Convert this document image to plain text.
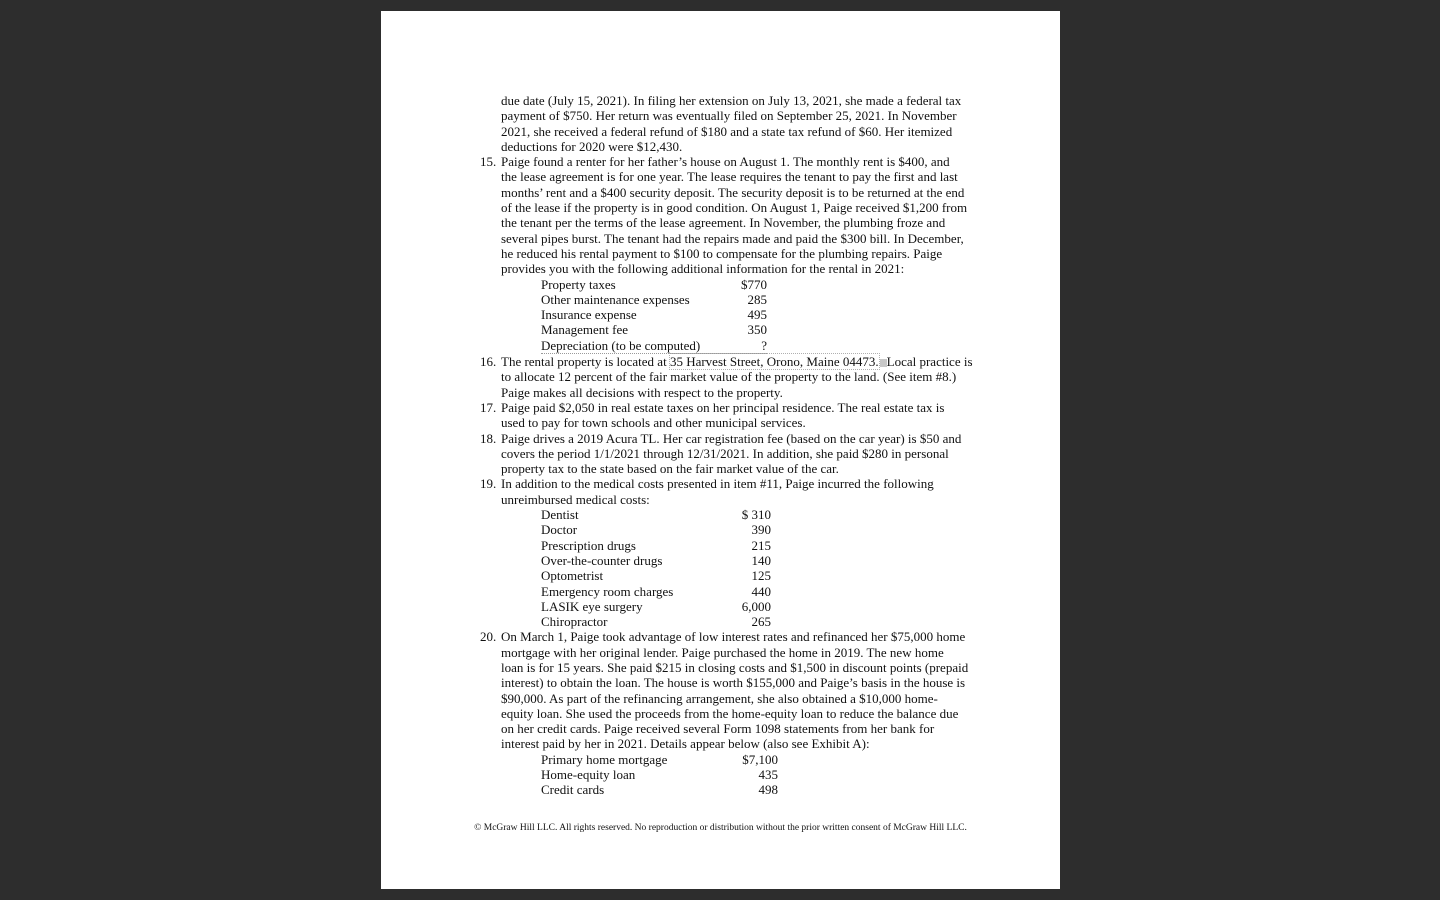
due date (July 15, 2021). In filing her extension on July 13, 2021, she made a federal tax
payment of $750. Her return was eventually filed on September 25, 2021. In November
2021, she received a federal refund of $180 and a state tax refund of $60. Her itemized
deductions for 2020 were $12,430.
15. Paige found a renter for her father’s house on August 1. The monthly rent is $400, and
the lease agreement is for one year. The lease requires the tenant to pay the first and last
months’ rent and a $400 security deposit. The security deposit is to be returned at the end
of the lease if the property is in good condition. On August 1, Paige received $1,200 from
the tenant per the terms of the lease agreement. In November, the plumbing froze and
several pipes burst. The tenant had the repairs made and paid the $300 bill. In December,
he reduced his rental payment to $100 to compensate for the plumbing repairs. Paige
provides you with the following additional information for the rental in 2021:
Property taxes	$770
Other maintenance expenses	285
Insurance expense	495
Management fee	350
Depreciation (to be computed)	?
16. The rental property is located at 35 Harvest Street, Orono, Maine 04473. Local practice is
to allocate 12 percent of the fair market value of the property to the land. (See item #8.)
Paige makes all decisions with respect to the property.
17. Paige paid $2,050 in real estate taxes on her principal residence. The real estate tax is
used to pay for town schools and other municipal services.
18. Paige drives a 2019 Acura TL. Her car registration fee (based on the car year) is $50 and
covers the period 1/1/2021 through 12/31/2021. In addition, she paid $280 in personal
property tax to the state based on the fair market value of the car.
19. In addition to the medical costs presented in item #11, Paige incurred the following
unreimbursed medical costs:
Dentist	$ 310
Doctor	390
Prescription drugs	215
Over-the-counter drugs	140
Optometrist	125
Emergency room charges	440
LASIK eye surgery	6,000
Chiropractor	265
20. On March 1, Paige took advantage of low interest rates and refinanced her $75,000 home
mortgage with her original lender. Paige purchased the home in 2019. The new home
loan is for 15 years. She paid $215 in closing costs and $1,500 in discount points (prepaid
interest) to obtain the loan. The house is worth $155,000 and Paige’s basis in the house is
$90,000. As part of the refinancing arrangement, she also obtained a $10,000 home-
equity loan. She used the proceeds from the home-equity loan to reduce the balance due
on her credit cards. Paige received several Form 1098 statements from her bank for
interest paid by her in 2021. Details appear below (also see Exhibit A):
Primary home mortgage	$7,100
Home-equity loan	435
Credit cards	498
© McGraw Hill LLC. All rights reserved. No reproduction or distribution without the prior written consent of McGraw Hill LLC.
